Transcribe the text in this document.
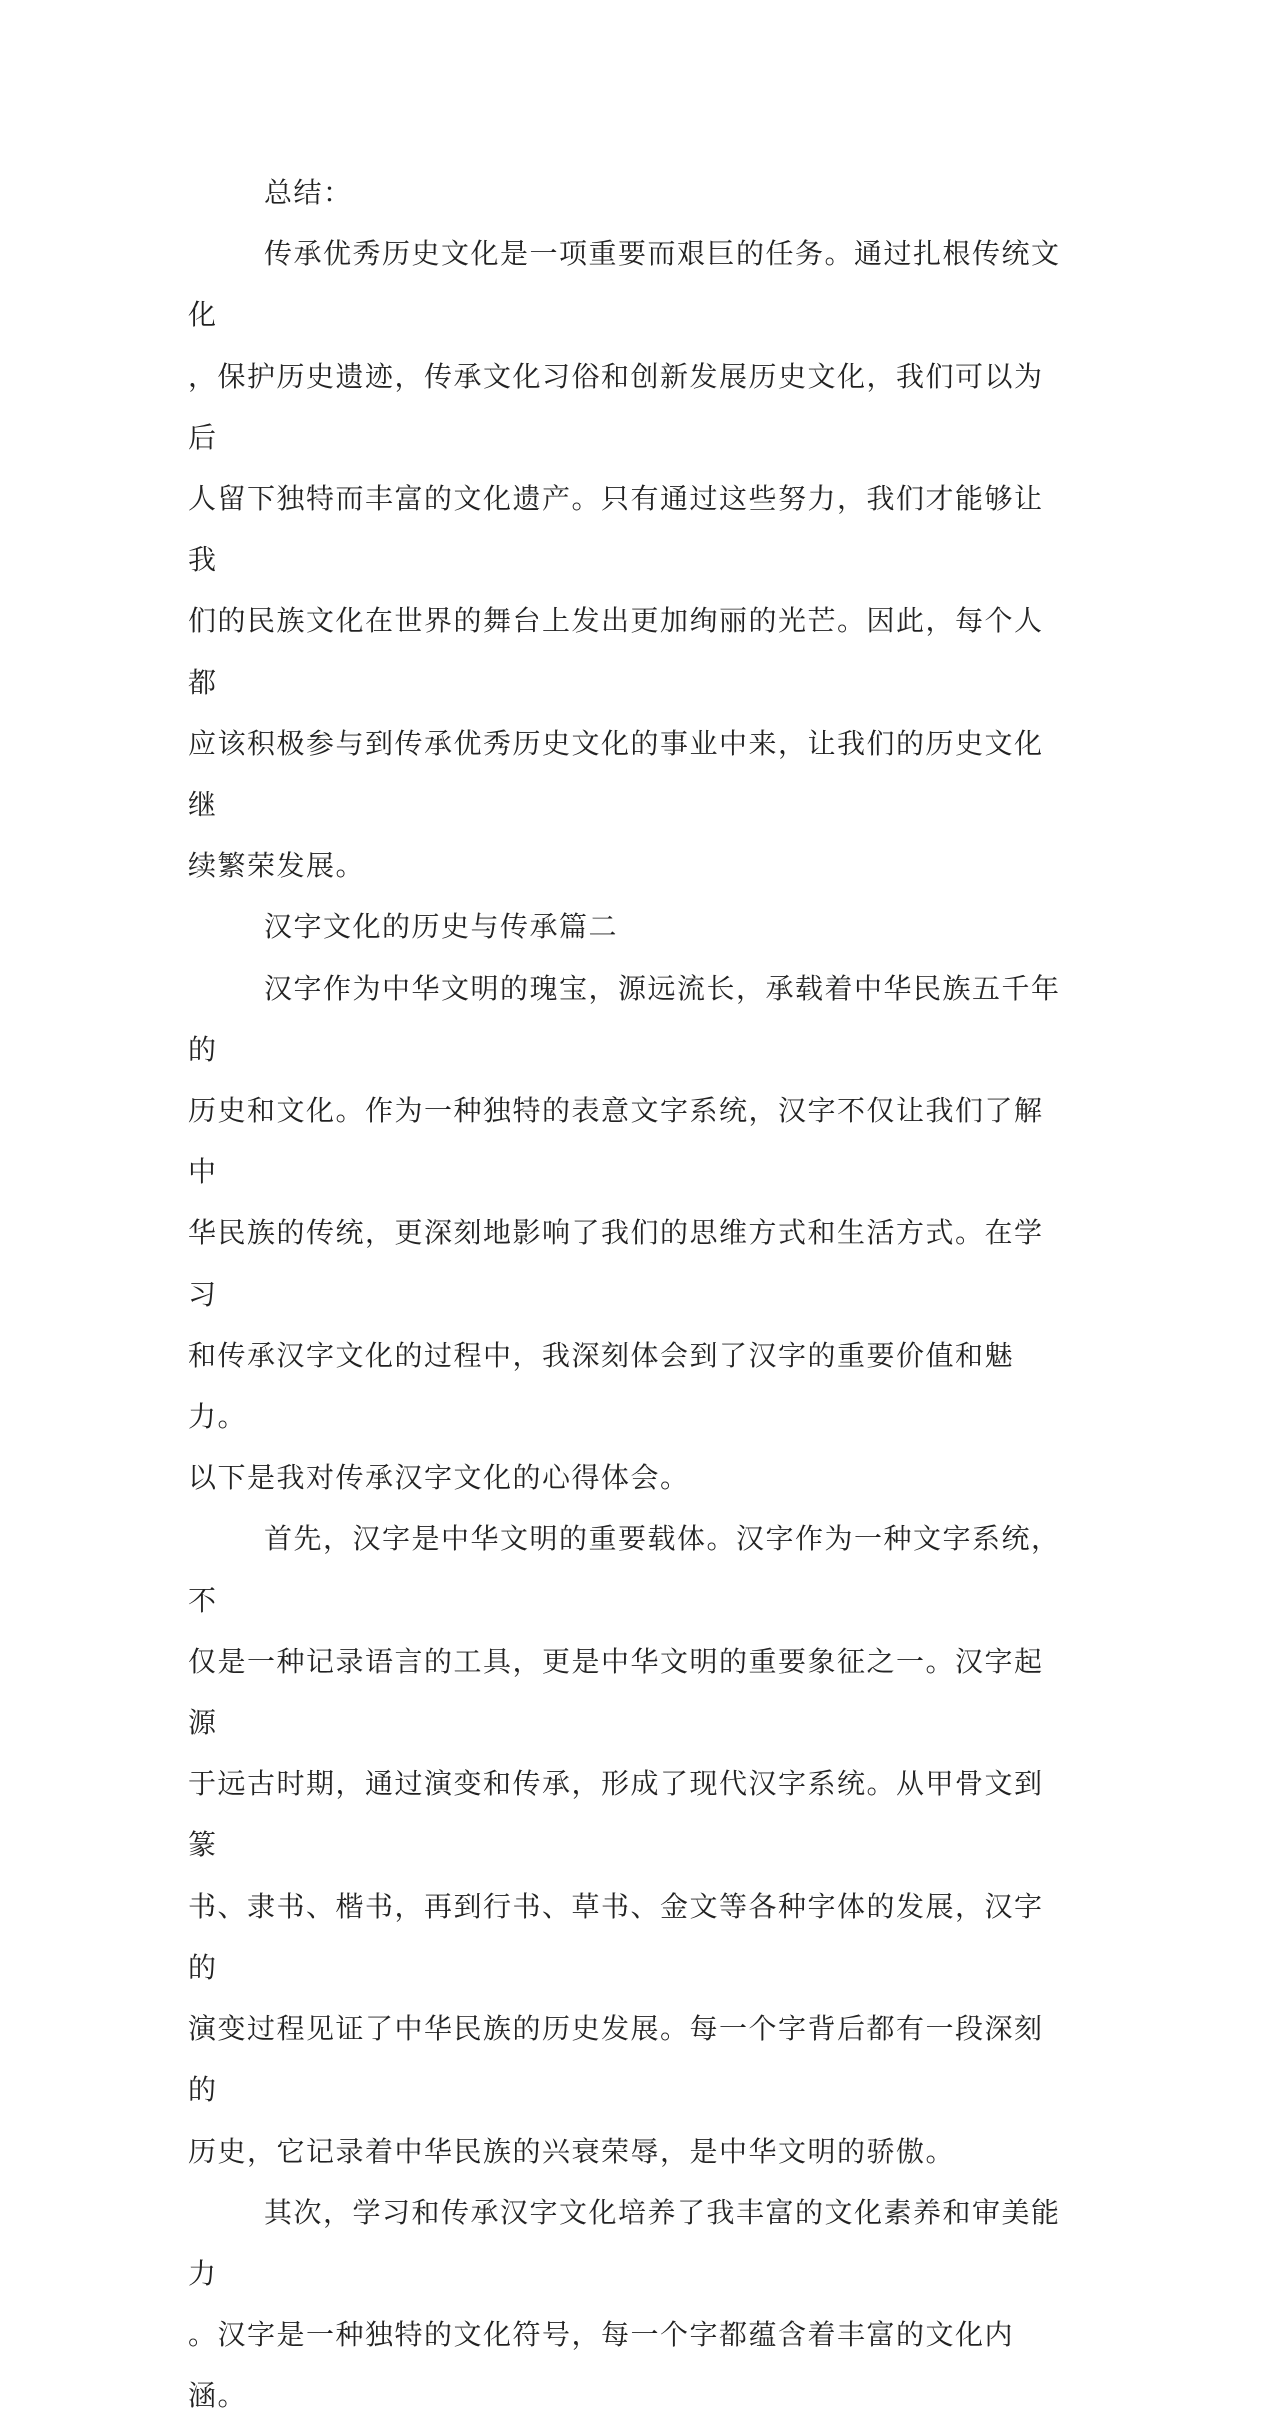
总结：

传承优秀历史文化是一项重要而艰巨的任务。通过扎根传统文化
，保护历史遗迹，传承文化习俗和创新发展历史文化，我们可以为后
人留下独特而丰富的文化遗产。只有通过这些努力，我们才能够让我
们的民族文化在世界的舞台上发出更加绚丽的光芒。因此，每个人都
应该积极参与到传承优秀历史文化的事业中来，让我们的历史文化继
续繁荣发展。

汉字文化的历史与传承篇二

汉字作为中华文明的瑰宝，源远流长，承载着中华民族五千年的
历史和文化。作为一种独特的表意文字系统，汉字不仅让我们了解中
华民族的传统，更深刻地影响了我们的思维方式和生活方式。在学习
和传承汉字文化的过程中，我深刻体会到了汉字的重要价值和魅力。
以下是我对传承汉字文化的心得体会。

首先，汉字是中华文明的重要载体。汉字作为一种文字系统，不
仅是一种记录语言的工具，更是中华文明的重要象征之一。汉字起源
于远古时期，通过演变和传承，形成了现代汉字系统。从甲骨文到篆
书、隶书、楷书，再到行书、草书、金文等各种字体的发展，汉字的
演变过程见证了中华民族的历史发展。每一个字背后都有一段深刻的
历史，它记录着中华民族的兴衰荣辱，是中华文明的骄傲。

其次，学习和传承汉字文化培养了我丰富的文化素养和审美能力
。汉字是一种独特的文化符号，每一个字都蕴含着丰富的文化内涵。
